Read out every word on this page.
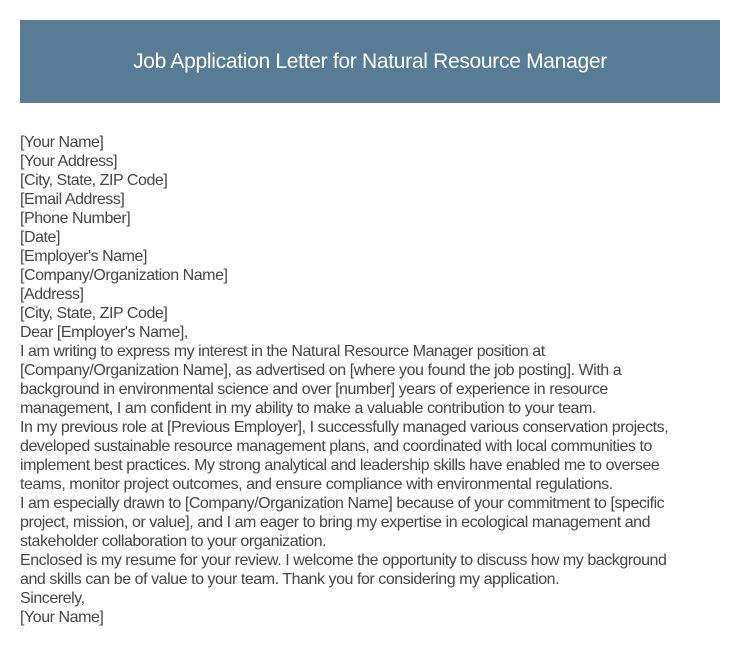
Job Application Letter for Natural Resource Manager
[Your Name]
[Your Address]
[City, State, ZIP Code]
[Email Address]
[Phone Number]
[Date]
[Employer's Name]
[Company/Organization Name]
[Address]
[City, State, ZIP Code]
Dear [Employer's Name],
I am writing to express my interest in the Natural Resource Manager position at
[Company/Organization Name], as advertised on [where you found the job posting]. With a
background in environmental science and over [number] years of experience in resource
management, I am confident in my ability to make a valuable contribution to your team.
In my previous role at [Previous Employer], I successfully managed various conservation projects,
developed sustainable resource management plans, and coordinated with local communities to
implement best practices. My strong analytical and leadership skills have enabled me to oversee
teams, monitor project outcomes, and ensure compliance with environmental regulations.
I am especially drawn to [Company/Organization Name] because of your commitment to [specific
project, mission, or value], and I am eager to bring my expertise in ecological management and
stakeholder collaboration to your organization.
Enclosed is my resume for your review. I welcome the opportunity to discuss how my background
and skills can be of value to your team. Thank you for considering my application.
Sincerely,
[Your Name]
